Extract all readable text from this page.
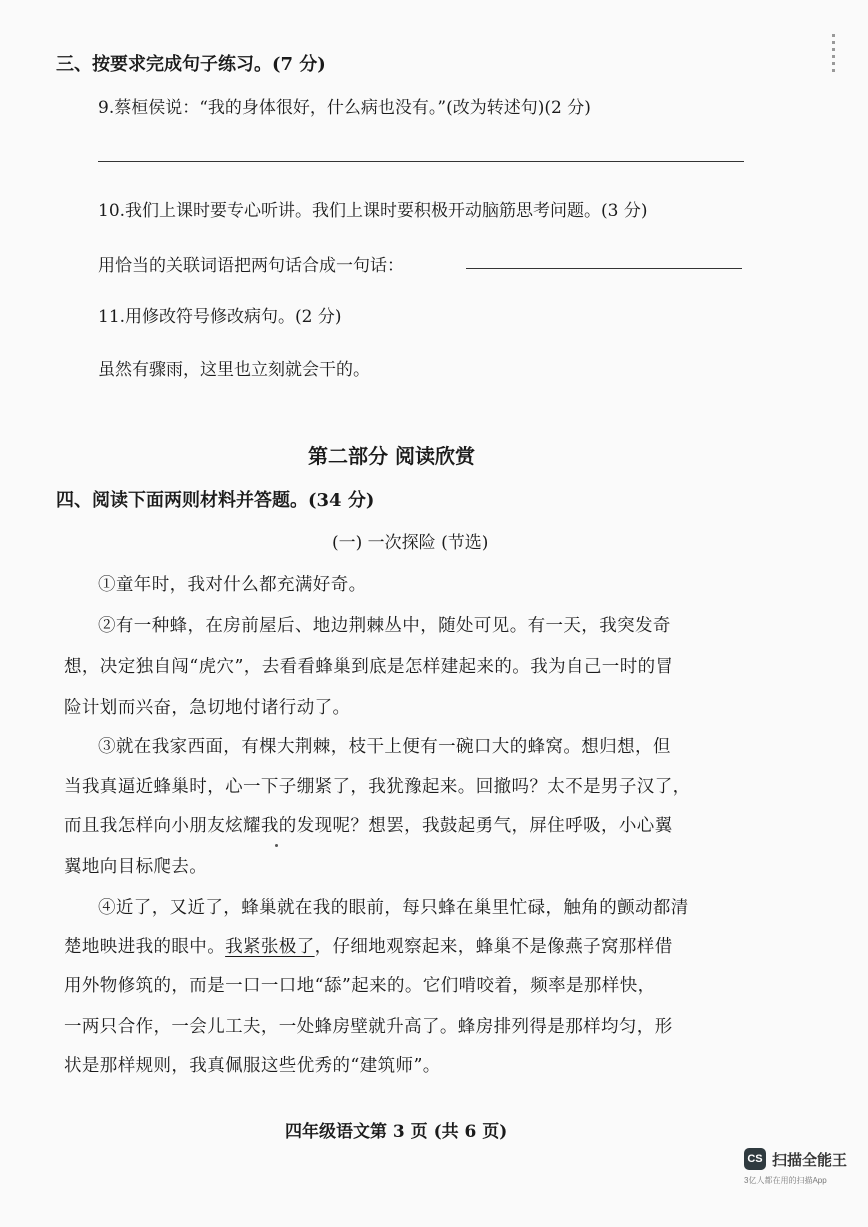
三、按要求完成句子练习。(7 分)
9.蔡桓侯说：“我的身体很好，什么病也没有。”(改为转述句)(2 分)
10.我们上课时要专心听讲。我们上课时要积极开动脑筋思考问题。(3 分)
用恰当的关联词语把两句话合成一句话：
11.用修改符号修改病句。(2 分)
虽然有骤雨，这里也立刻就会干的。
第二部分 阅读欣赏
四、阅读下面两则材料并答题。(34 分)
(一) 一次探险 (节选)
①童年时，我对什么都充满好奇。
②有一种蜂，在房前屋后、地边荆棘丛中，随处可见。有一天，我突发奇
想，决定独自闯“虎穴”，去看看蜂巢到底是怎样建起来的。我为自己一时的冒
险计划而兴奋，急切地付诸行动了。
③就在我家西面，有棵大荆棘，枝干上便有一碗口大的蜂窝。想归想，但
当我真逼近蜂巢时，心一下子绷紧了，我犹豫起来。回撤吗？太不是男子汉了，
而且我怎样向小朋友炫耀我的发现呢？想罢，我鼓起勇气，屏住呼吸，小心翼
翼地向目标爬去。
④近了，又近了，蜂巢就在我的眼前，每只蜂在巢里忙碌，触角的颤动都清
楚地映进我的眼中。我紧张极了，仔细地观察起来，蜂巢不是像燕子窝那样借
用外物修筑的，而是一口一口地“舔”起来的。它们啃咬着，频率是那样快，
一两只合作，一会儿工夫，一处蜂房壁就升高了。蜂房排列得是那样均匀，形
状是那样规则，我真佩服这些优秀的“建筑师”。
四年级语文第 3 页 (共 6 页)
CS 扫描全能王
3亿人都在用的扫描App
